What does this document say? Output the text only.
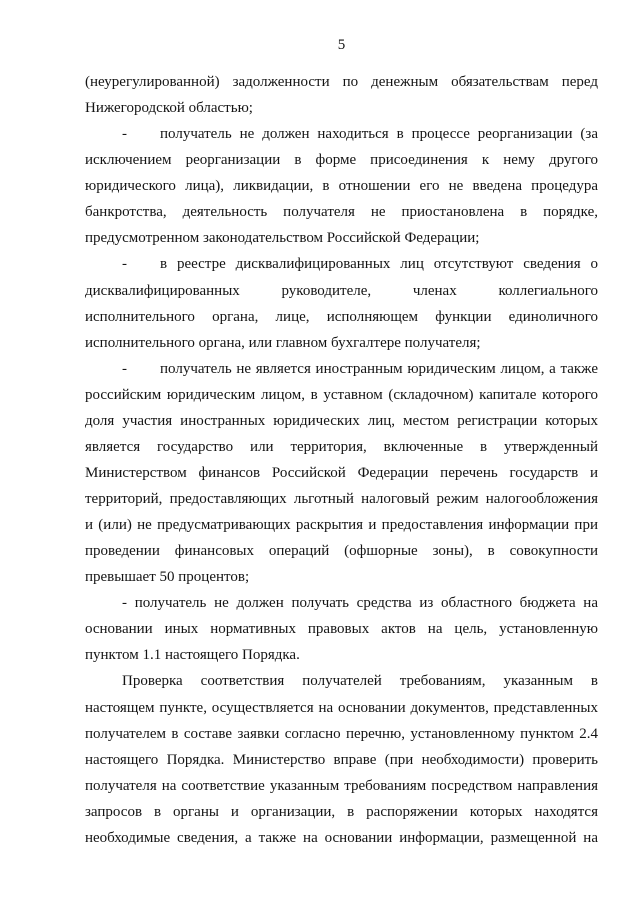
5
(неурегулированной) задолженности по денежным обязательствам перед
Нижегородской областью;
-	получатель не должен находиться в процессе реорганизации (за
исключением реорганизации в форме присоединения к нему другого
юридического лица), ликвидации, в отношении его не введена процедура
банкротства, деятельность получателя не приостановлена в порядке,
предусмотренном законодательством Российской Федерации;
-	в реестре дисквалифицированных лиц отсутствуют сведения о
дисквалифицированных руководителе, членах коллегиального
исполнительного органа, лице, исполняющем функции единоличного
исполнительного органа, или главном бухгалтере получателя;
-	получатель не является иностранным юридическим лицом, а также
российским юридическим лицом, в уставном (складочном) капитале которого
доля участия иностранных юридических лиц, местом регистрации которых
является государство или территория, включенные в утвержденный
Министерством финансов Российской Федерации перечень государств и
территорий, предоставляющих льготный налоговый режим налогообложения
и (или) не предусматривающих раскрытия и предоставления информации при
проведении финансовых операций (офшорные зоны), в совокупности
превышает 50 процентов;
- получатель не должен получать средства из областного бюджета на
основании иных нормативных правовых актов на цель, установленную
пунктом 1.1 настоящего Порядка.
Проверка соответствия получателей требованиям, указанным в
настоящем пункте, осуществляется на основании документов, представленных
получателем в составе заявки согласно перечню, установленному пунктом 2.4
настоящего Порядка. Министерство вправе (при необходимости) проверить
получателя на соответствие указанным требованиям посредством направления
запросов в органы и организации, в распоряжении которых находятся
необходимые сведения, а также на основании информации, размещенной на
